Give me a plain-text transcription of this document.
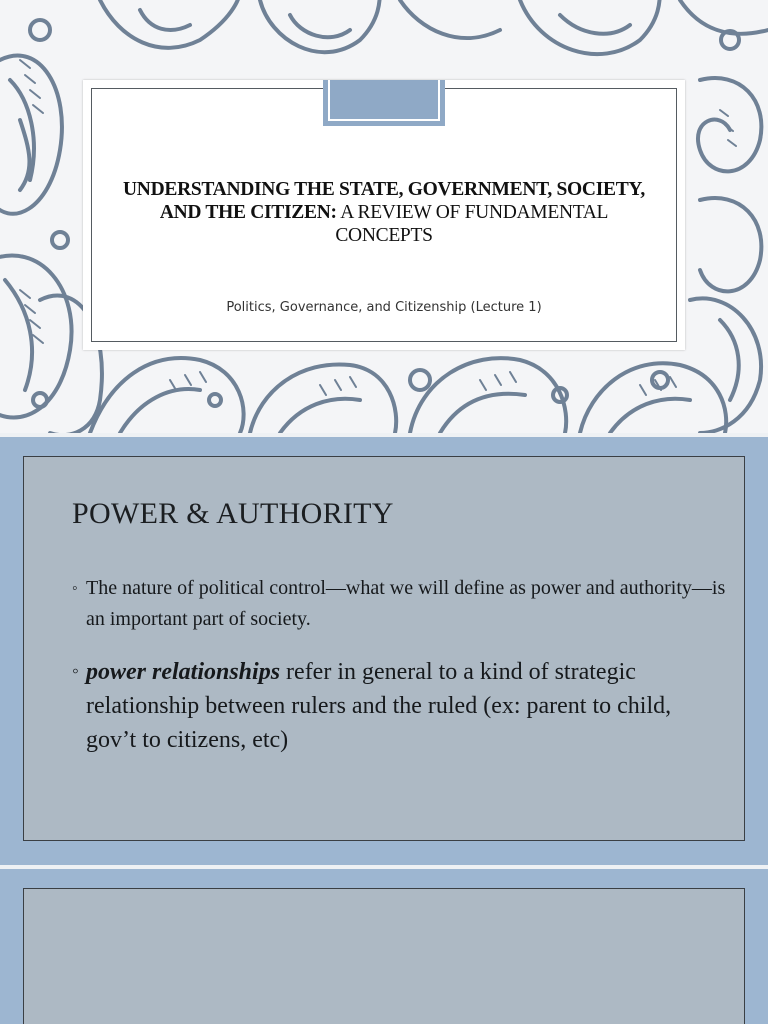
UNDERSTANDING THE STATE, GOVERNMENT, SOCIETY, AND THE CITIZEN: A REVIEW OF FUNDAMENTAL CONCEPTS
Politics, Governance, and Citizenship (Lecture 1)
POWER & AUTHORITY
◦ The nature of political control—what we will define as power and authority—is an important part of society.
◦ power relationships refer in general to a kind of strategic relationship between rulers and the ruled (ex: parent to child, gov’t to citizens, etc)
